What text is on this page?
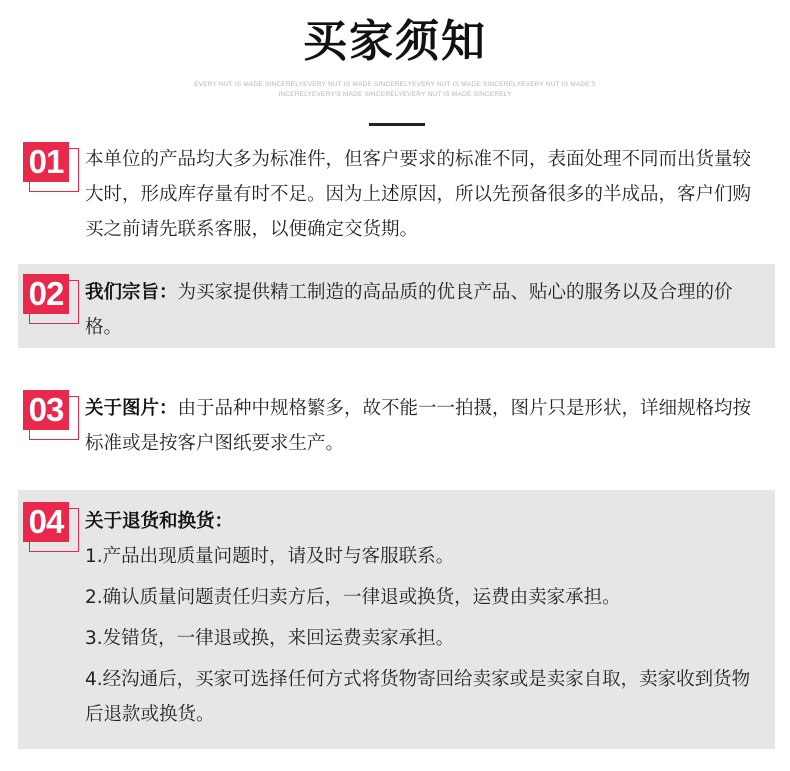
买家须知
EVERY NUT IS MADE SINCERELYEVERY NUT IS MADE SINCERELYEVERY NUT IS MADE SINCERELYEVERY NUT IS MADE'S
INCERELYEVERY'S MADE SINCERELYEVERY NUT IS MADE SINCERELY
01	本单位的产品均大多为标准件，但客户要求的标准不同，表面处理不同而出货量较大时，形成库存量有时不足。因为上述原因，所以先预备很多的半成品，客户们购买之前请先联系客服，以便确定交货期。
02	我们宗旨：为买家提供精工制造的高品质的优良产品、贴心的服务以及合理的价格。
03	关于图片：由于品种中规格繁多，故不能一一拍摄，图片只是形状，详细规格均按标准或是按客户图纸要求生产。
04	关于退货和换货：
1.产品出现质量问题时，请及时与客服联系。
2.确认质量问题责任归卖方后，一律退或换货，运费由卖家承担。
3.发错货，一律退或换，来回运费卖家承担。
4.经沟通后，买家可选择任何方式将货物寄回给卖家或是卖家自取，卖家收到货物后退款或换货。
